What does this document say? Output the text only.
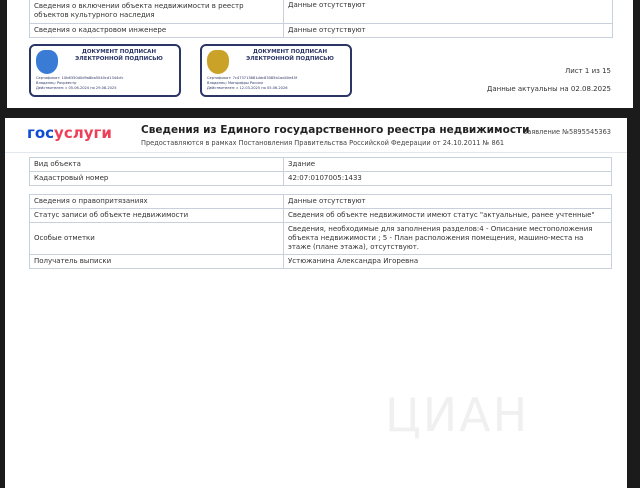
Сведения о включении объекта недвижимости в реестр объектов культурного наследия	Данные отсутствуют
Сведения о кадастровом инженере	Данные отсутствуют
ДОКУМЕНТ ПОДПИСАН ЭЛЕКТРОННОЙ ПОДПИСЬЮ
Сертификат: 10b6350d0d9a8ba5040cd1344cfc
Владелец: Росреестр
Действителен: с 05.06.2024 по 29.08.2025
ДОКУМЕНТ ПОДПИСАН ЭЛЕКТРОННОЙ ПОДПИСЬЮ
Сертификат: 7c473713681ddc83085b1ad40e45f
Владелец: Минцифры России
Действителен: с 12.03.2025 по 05.06.2026
Лист 1 из 15
Данные актуальны на 02.08.2025
госуслуги	Сведения из Единого государственного реестра недвижимости
Предоставляются в рамках Постановления Правительства Российской Федерации от 24.10.2011 № 861
Заявление №5895545363
Вид объекта	Здание
Кадастровый номер	42:07:0107005:1433
Сведения о правопритязаниях	Данные отсутствуют
Статус записи об объекте недвижимости	Сведения об объекте недвижимости имеют статус "актуальные, ранее учтенные"
Особые отметки	Сведения, необходимые для заполнения разделов:4 - Описание местоположения объекта недвижимости ; 5 - План расположения помещения, машино-места на этаже (плане этажа), отсутствуют.
Получатель выписки	Устюжанина Александра Игоревна
ЦИАН
